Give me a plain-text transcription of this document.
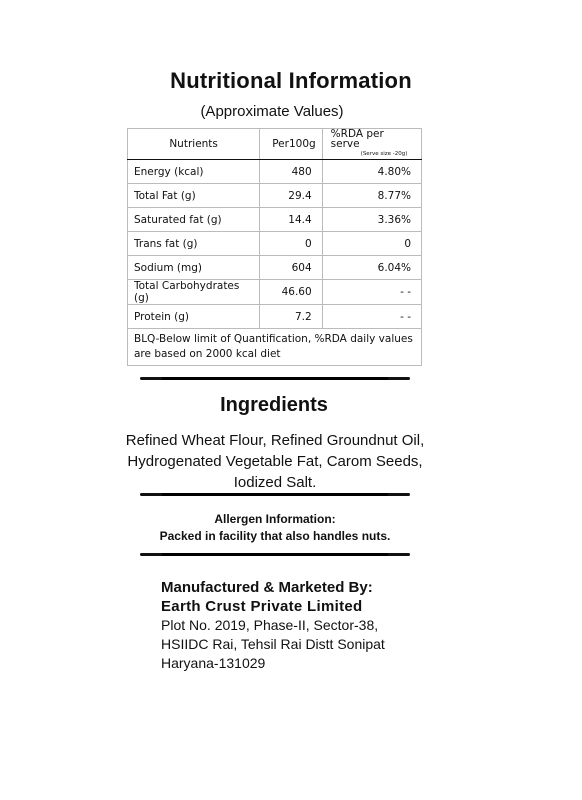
Nutritional Information
(Approximate Values)
Nutrients	Per100g	%RDA per serve
(Serve size -20g)

Energy (kcal)	480	4.80%
Total Fat (g)	29.4	8.77%
Saturated fat (g)	14.4	3.36%
Trans fat (g)	0	0
Sodium (mg)	604	6.04%
Total Carbohydrates (g)	46.60	- -
Protein (g)	7.2	- -
BLQ-Below limit of Quantification, %RDA daily values are based on 2000 kcal diet		
Ingredients
Refined Wheat Flour, Refined Groundnut Oil, Hydrogenated Vegetable Fat, Carom Seeds, Iodized Salt.
Allergen Information:
Packed in facility that also handles nuts.
Manufactured & Marketed By:
Earth Crust Private Limited
Plot No. 2019, Phase-II, Sector-38,
HSIIDC Rai, Tehsil Rai Distt Sonipat
Haryana-131029
